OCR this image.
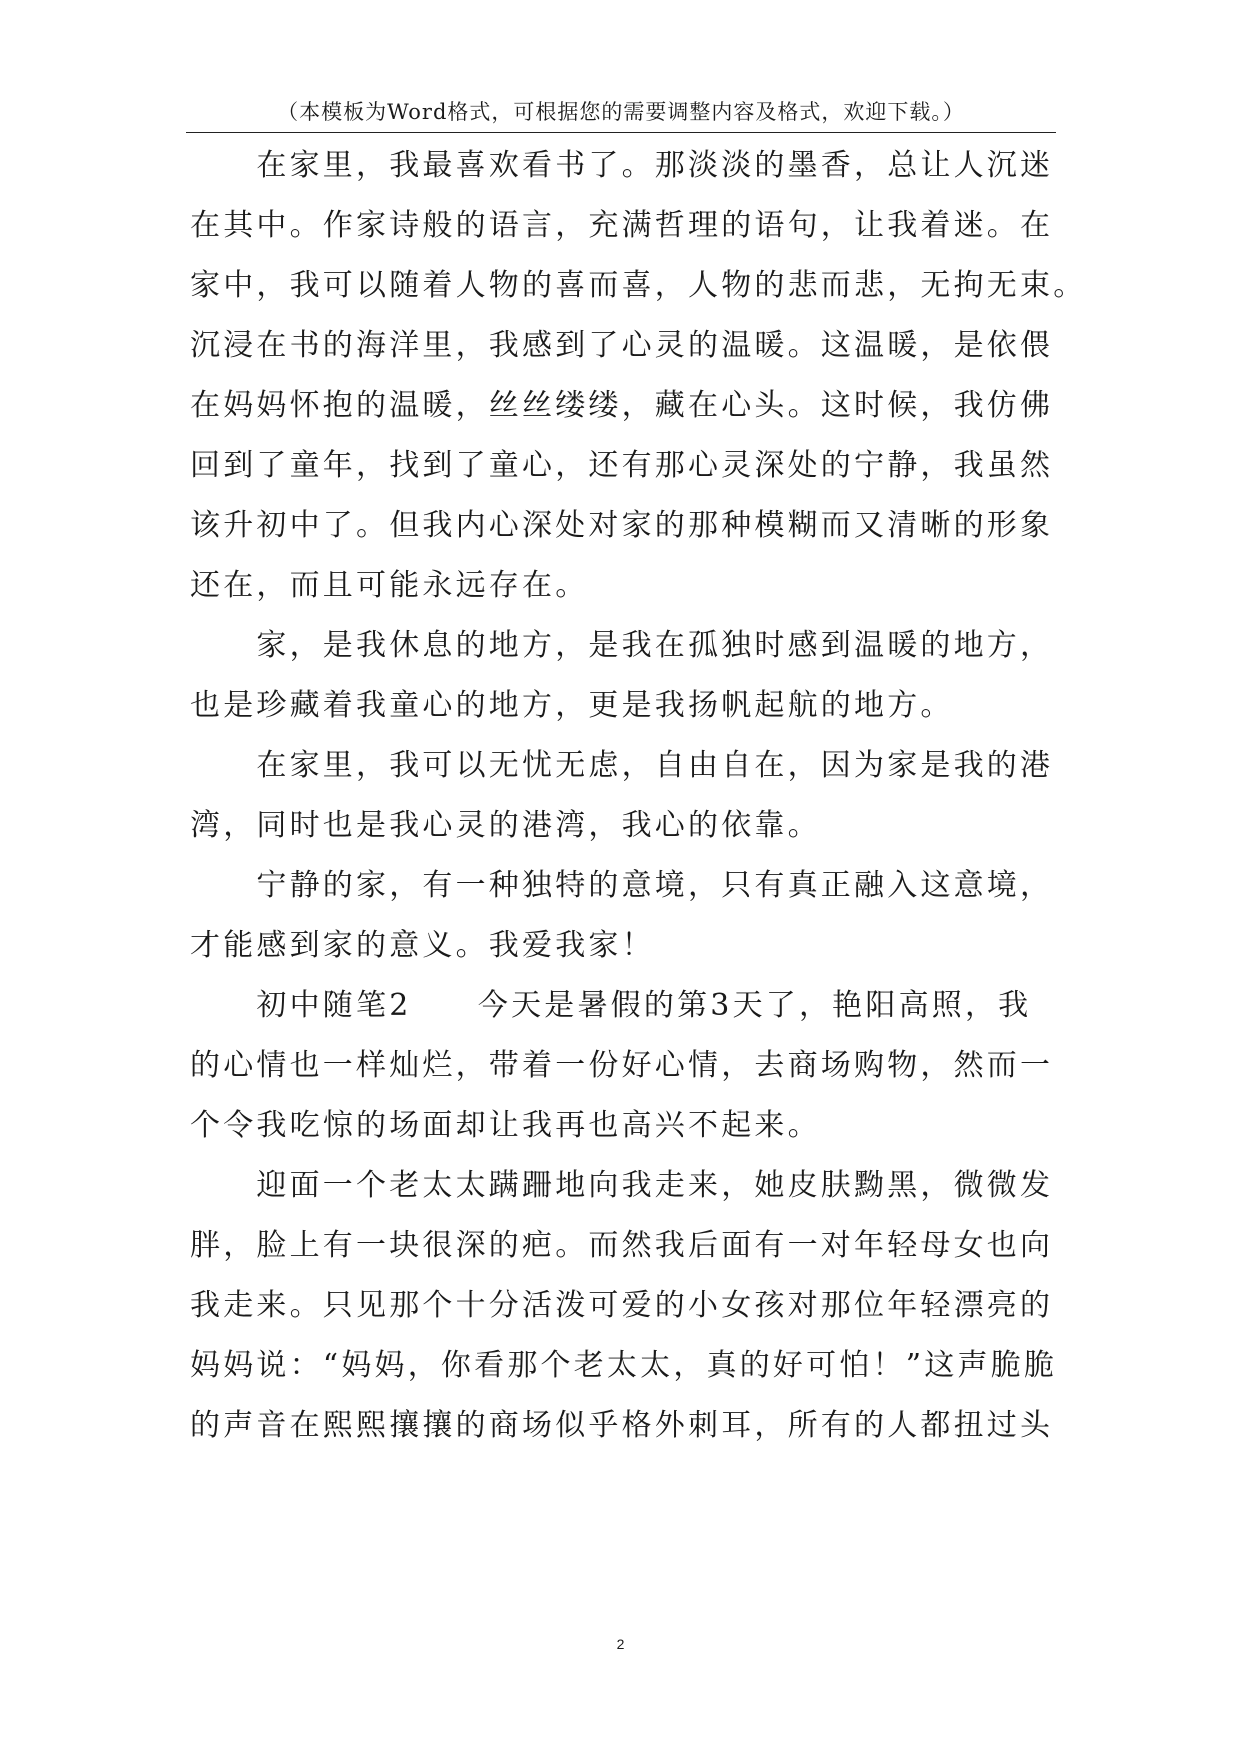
（本模板为Word格式，可根据您的需要调整内容及格式，欢迎下载。）
　　在家里，我最喜欢看书了。那淡淡的墨香，总让人沉迷
在其中。作家诗般的语言，充满哲理的语句，让我着迷。在
家中，我可以随着人物的喜而喜，人物的悲而悲，无拘无束。
沉浸在书的海洋里，我感到了心灵的温暖。这温暖，是依偎
在妈妈怀抱的温暖，丝丝缕缕，藏在心头。这时候，我仿佛
回到了童年，找到了童心，还有那心灵深处的宁静，我虽然
该升初中了。但我内心深处对家的那种模糊而又清晰的形象
还在，而且可能永远存在。
　　家，是我休息的地方，是我在孤独时感到温暖的地方，
也是珍藏着我童心的地方，更是我扬帆起航的地方。
　　在家里，我可以无忧无虑，自由自在，因为家是我的港
湾，同时也是我心灵的港湾，我心的依靠。
　　宁静的家，有一种独特的意境，只有真正融入这意境，
才能感到家的意义。我爱我家！
　　初中随笔2　　今天是暑假的第3天了，艳阳高照，我
的心情也一样灿烂，带着一份好心情，去商场购物，然而一
个令我吃惊的场面却让我再也高兴不起来。
　　迎面一个老太太蹒跚地向我走来，她皮肤黝黑，微微发
胖，脸上有一块很深的疤。而然我后面有一对年轻母女也向
我走来。只见那个十分活泼可爱的小女孩对那位年轻漂亮的
妈妈说：“妈妈，你看那个老太太，真的好可怕！”这声脆脆
的声音在熙熙攘攘的商场似乎格外刺耳，所有的人都扭过头
2
